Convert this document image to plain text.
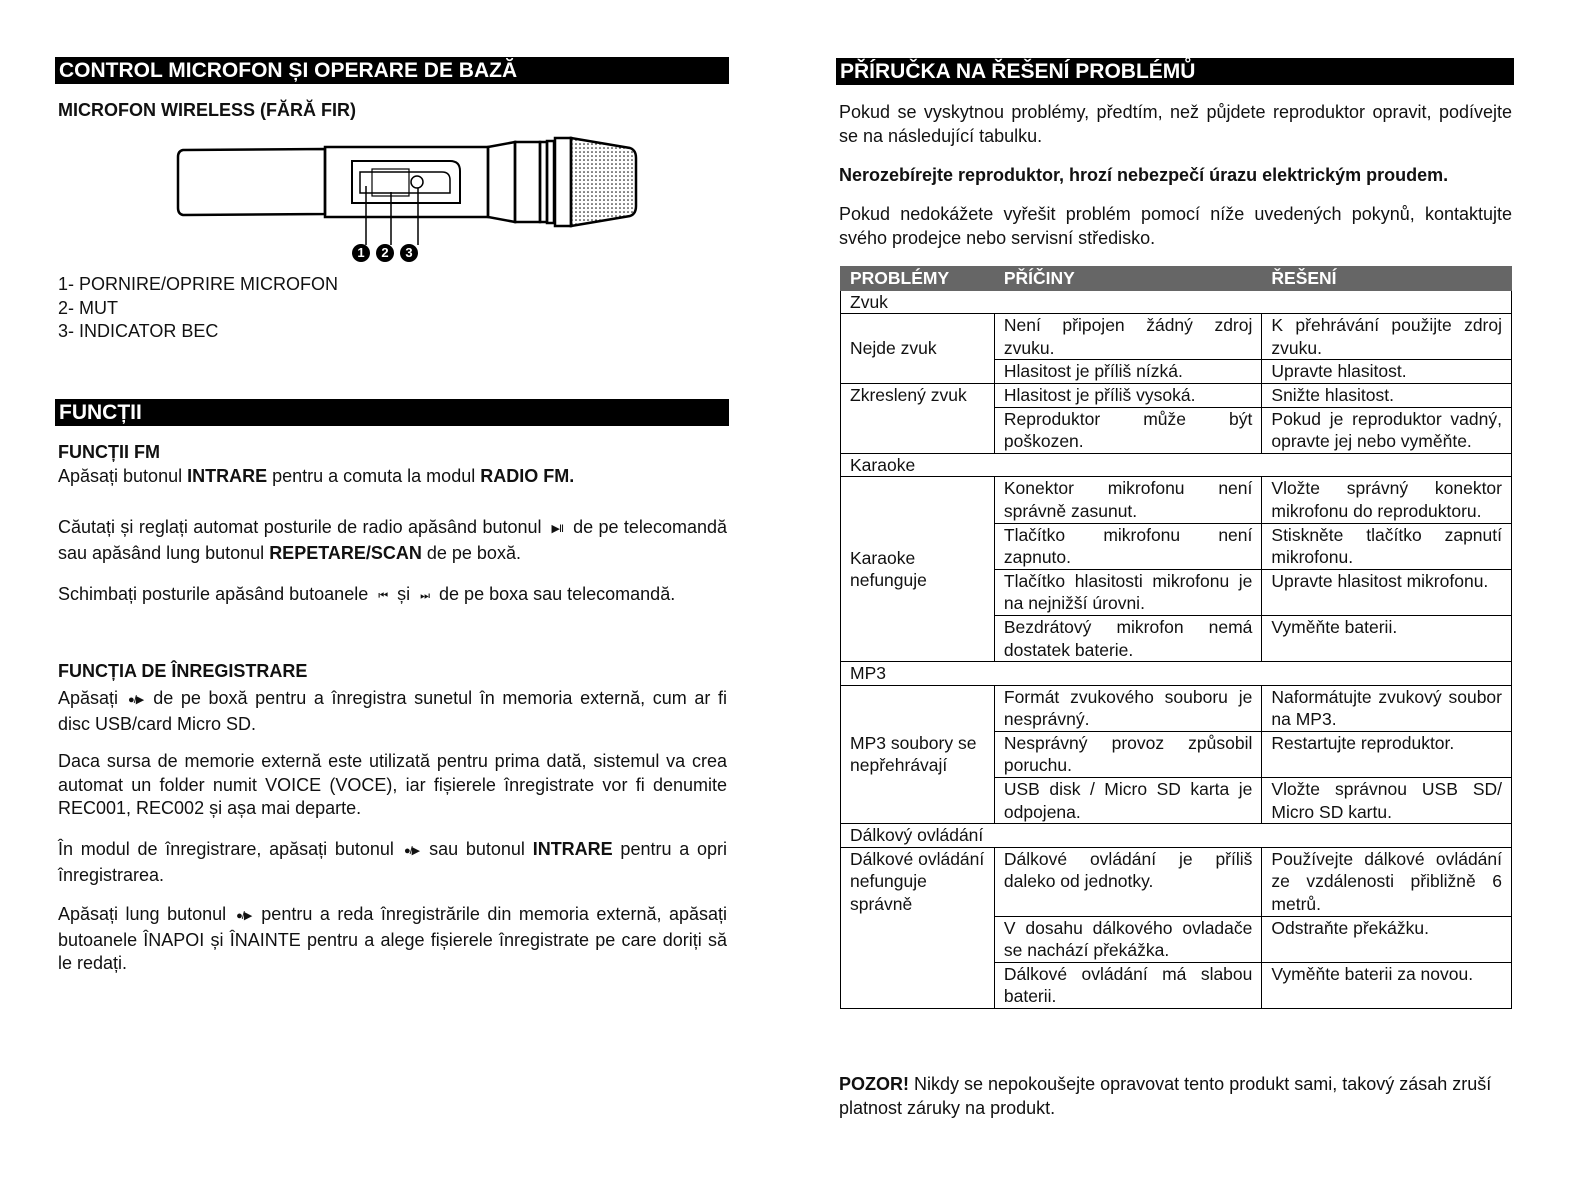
CONTROL MICROFON ȘI OPERARE DE BAZĂ
MICROFON WIRELESS (FĂRĂ FIR)
1	2	3
1- PORNIRE/OPRIRE MICROFON
2- MUT
3- INDICATOR BEC
FUNCȚII
FUNCȚII FM
Apăsați butonul INTRARE pentru a comuta la modul RADIO FM.
Căutați și reglați automat posturile de radio apăsând butonul ▶II de pe telecomandă sau apăsând lung butonul REPETARE/SCAN de pe boxă.
Schimbați posturile apăsând butoanele ⏮ și ⏭ de pe boxa sau telecomandă.
FUNCȚIA DE ÎNREGISTRARE
Apăsați ●/▶ de pe boxă pentru a înregistra sunetul în memoria externă, cum ar fi disc USB/card Micro SD.
Daca sursa de memorie externă este utilizată pentru prima dată, sistemul va crea automat un folder numit VOICE (VOCE), iar fișierele înregistrate vor fi denumite REC001, REC002 și așa mai departe.
În modul de înregistrare, apăsați butonul ●/▶ sau butonul INTRARE pentru a opri înregistrarea.
Apăsați lung butonul ●/▶ pentru a reda înregistrările din memoria externă, apăsați butoanele ÎNAPOI și ÎNAINTE pentru a alege fișierele înregistrate pe care doriți să le redați.
PŘÍRUČKA NA ŘEŠENÍ PROBLÉMŮ
Pokud se vyskytnou problémy, předtím, než půjdete reproduktor opravit, podívejte se na následující tabulku.
Nerozebírejte reproduktor, hrozí nebezpečí úrazu elektrickým proudem.
Pokud nedokážete vyřešit problém pomocí níže uvedených pokynů, kontaktujte svého prodejce nebo servisní středisko.
PROBLÉMY	PŘÍČINY	ŘEŠENÍ
Zvuk		
Nejde zvuk	Není připojen žádný zdroj zvuku.	K přehrávání použijte zdroj zvuku.
	Hlasitost je příliš nízká.	Upravte hlasitost.
Zkreslený zvuk	Hlasitost je příliš vysoká.	Snižte hlasitost.
	Reproduktor může být poškozen.	Pokud je reproduktor vadný, opravte jej nebo vyměňte.
Karaoke		
Karaoke nefunguje	Konektor mikrofonu není správně zasunut.	Vložte správný konektor mikrofonu do reproduktoru.
	Tlačítko mikrofonu není zapnuto.	Stiskněte tlačítko zapnutí mikrofonu.
	Tlačítko hlasitosti mikrofonu je na nejnižší úrovni.	Upravte hlasitost mikrofonu.
	Bezdrátový mikrofon nemá dostatek baterie.	Vyměňte baterii.
MP3		
MP3 soubory se nepřehrávají	Formát zvukového souboru je nesprávný.	Naformátujte zvukový soubor na MP3.
	Nesprávný provoz způsobil poruchu.	Restartujte reproduktor.
	USB disk / Micro SD karta je odpojena.	Vložte správnou USB SD/ Micro SD kartu.
Dálkový ovládání		
Dálkové ovládání nefunguje správně	Dálkové ovládání je příliš daleko od jednotky.	Používejte dálkové ovládání ze vzdálenosti přibližně 6 metrů.
	V dosahu dálkového ovladače se nachází překážka.	Odstraňte překážku.
	Dálkové ovládání má slabou baterii.	Vyměňte baterii za novou.
POZOR! Nikdy se nepokoušejte opravovat tento produkt sami, takový zásah zruší platnost záruky na produkt.
